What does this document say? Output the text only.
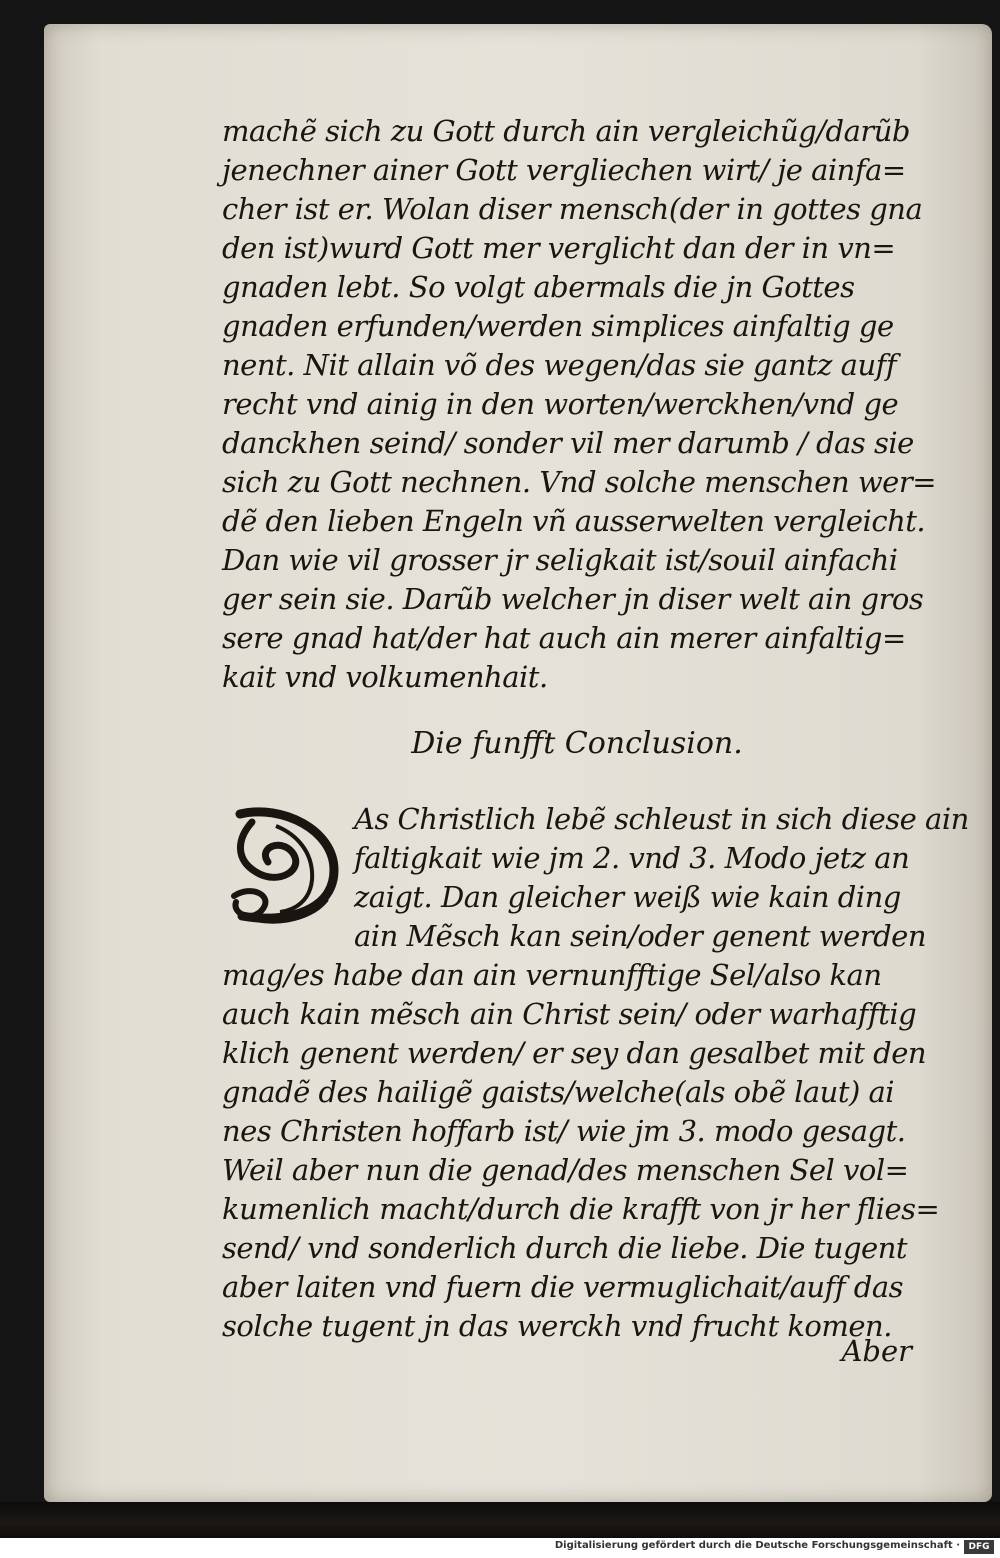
machẽ sich zu Gott durch ain vergleichũg/darũb
jenechner ainer Gott vergliechen wirt/ je ainfa=
cher ist er. Wolan diser mensch(der in gottes gna
den ist)wurd Gott mer verglicht dan der in vn=
gnaden lebt. So volgt abermals die jn Gottes
gnaden erfunden/werden simplices ainfaltig ge
nent. Nit allain võ des wegen/das sie gantz auff
recht vnd ainig in den worten/werckhen/vnd ge
danckhen seind/ sonder vil mer darumb / das sie
sich zu Gott nechnen. Vnd solche menschen wer=
dẽ den lieben Engeln vñ ausserwelten vergleicht.
Dan wie vil grosser jr seligkait ist/souil ainfachi
ger sein sie. Darũb welcher jn diser welt ain gros
sere gnad hat/der hat auch ain merer ainfaltig=
kait vnd volkumenhait.
Die funfft Conclusion.
D
As Christlich lebẽ schleust in sich diese ain
faltigkait wie jm 2. vnd 3. Modo jetz an
zaigt. Dan gleicher weiß wie kain ding
ain Mẽsch kan sein/oder genent werden
mag/es habe dan ain vernunfftige Sel/also kan
auch kain mẽsch ain Christ sein/ oder warhafftig
klich genent werden/ er sey dan gesalbet mit den
gnadẽ des hailigẽ gaists/welche(als obẽ laut) ai
nes Christen hoffarb ist/ wie jm 3. modo gesagt.
Weil aber nun die genad/des menschen Sel vol=
kumenlich macht/durch die krafft von jr her flies=
send/ vnd sonderlich durch die liebe. Die tugent
aber laiten vnd fuern die vermuglichait/auff das
solche tugent jn das werckh vnd frucht komen.
Aber
Digitalisierung gefördert durch die Deutsche Forschungsgemeinschaft · DFG
